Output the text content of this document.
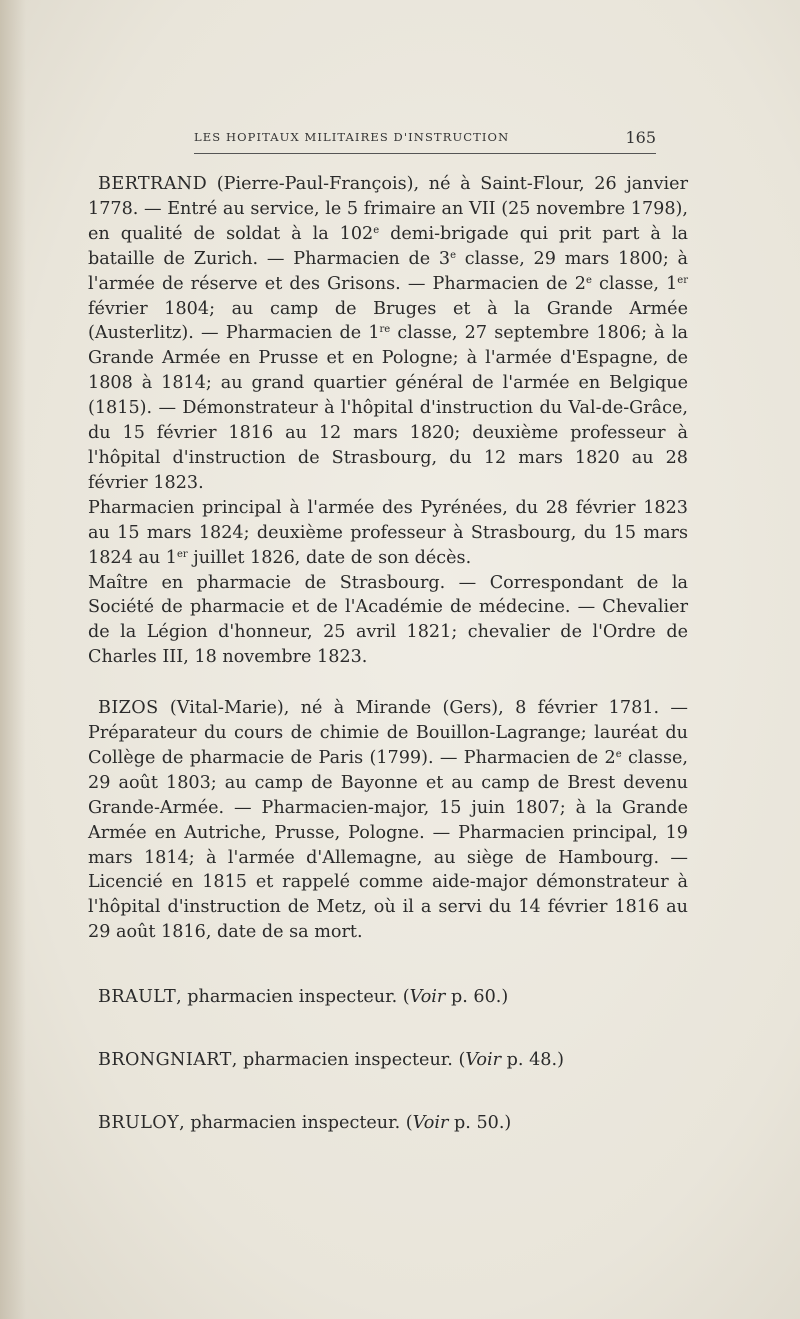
LES HOPITAUX MILITAIRES D'INSTRUCTION	165

BERTRAND (Pierre-Paul-François), né à Saint-Flour, 26 janvier 1778. — Entré au service, le 5 frimaire an VII (25 novembre 1798), en qualité de soldat à la 102e demi-brigade qui prit part à la bataille de Zurich. — Pharmacien de 3e classe, 29 mars 1800; à l'armée de réserve et des Grisons. — Pharmacien de 2e classe, 1er février 1804; au camp de Bruges et à la Grande Armée (Austerlitz). — Pharmacien de 1re classe, 27 septembre 1806; à la Grande Armée en Prusse et en Pologne; à l'armée d'Espagne, de 1808 à 1814; au grand quartier général de l'armée en Belgique (1815). — Démonstrateur à l'hôpital d'instruction du Val-de-Grâce, du 15 février 1816 au 12 mars 1820; deuxième professeur à l'hôpital d'instruction de Strasbourg, du 12 mars 1820 au 28 février 1823.

Pharmacien principal à l'armée des Pyrénées, du 28 février 1823 au 15 mars 1824; deuxième professeur à Strasbourg, du 15 mars 1824 au 1er juillet 1826, date de son décès.

Maître en pharmacie de Strasbourg. — Correspondant de la Société de pharmacie et de l'Académie de médecine. — Chevalier de la Légion d'honneur, 25 avril 1821; chevalier de l'Ordre de Charles III, 18 novembre 1823.

BIZOS (Vital-Marie), né à Mirande (Gers), 8 février 1781. — Préparateur du cours de chimie de Bouillon-Lagrange; lauréat du Collège de pharmacie de Paris (1799). — Pharmacien de 2e classe, 29 août 1803; au camp de Bayonne et au camp de Brest devenu Grande-Armée. — Pharmacien-major, 15 juin 1807; à la Grande Armée en Autriche, Prusse, Pologne. — Pharmacien principal, 19 mars 1814; à l'armée d'Allemagne, au siège de Hambourg. — Licencié en 1815 et rappelé comme aide-major démonstrateur à l'hôpital d'instruction de Metz, où il a servi du 14 février 1816 au 29 août 1816, date de sa mort.

BRAULT, pharmacien inspecteur. (Voir p. 60.)

BRONGNIART, pharmacien inspecteur. (Voir p. 48.)

BRULOY, pharmacien inspecteur. (Voir p. 50.)
